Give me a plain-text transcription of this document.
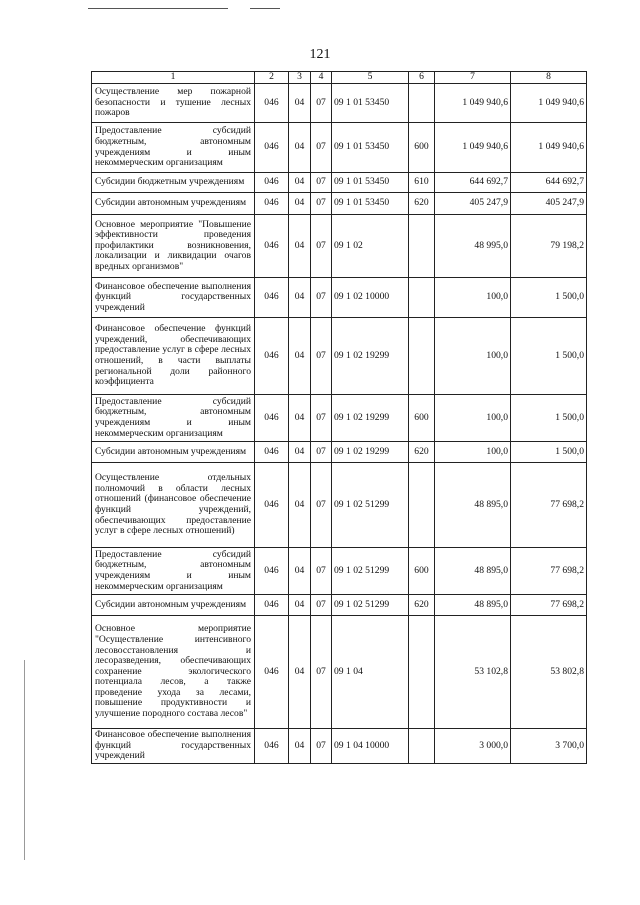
121
1	2	3	4	5	6	7	8
Осуществление мер пожарной безопасности и тушение лесных пожаров	046	04	07	09 1 01 53450		1 049 940,6	1 049 940,6
Предоставление субсидий бюджетным, автономным учреждениям и иным некоммерческим организациям	046	04	07	09 1 01 53450	600	1 049 940,6	1 049 940,6
Субсидии бюджетным учреждениям	046	04	07	09 1 01 53450	610	644 692,7	644 692,7
Субсидии автономным учреждениям	046	04	07	09 1 01 53450	620	405 247,9	405 247,9
Основное мероприятие "Повышение эффективности проведения профилактики возникновения, локализации и ликвидации очагов вредных организмов"	046	04	07	09 1 02		48 995,0	79 198,2
Финансовое обеспечение выполнения функций государственных учреждений	046	04	07	09 1 02 10000		100,0	1 500,0
Финансовое обеспечение функций учреждений, обеспечивающих предоставление услуг в сфере лесных отношений, в части выплаты региональной доли районного коэффициента	046	04	07	09 1 02 19299		100,0	1 500,0
Предоставление субсидий бюджетным, автономным учреждениям и иным некоммерческим организациям	046	04	07	09 1 02 19299	600	100,0	1 500,0
Субсидии автономным учреждениям	046	04	07	09 1 02 19299	620	100,0	1 500,0
Осуществление отдельных полномочий в области лесных отношений (финансовое обеспечение функций учреждений, обеспечивающих предоставление услуг в сфере лесных отношений)	046	04	07	09 1 02 51299		48 895,0	77 698,2
Предоставление субсидий бюджетным, автономным учреждениям и иным некоммерческим организациям	046	04	07	09 1 02 51299	600	48 895,0	77 698,2
Субсидии автономным учреждениям	046	04	07	09 1 02 51299	620	48 895,0	77 698,2
Основное мероприятие "Осуществление интенсивного лесовосстановления и лесоразведения, обеспечивающих сохранение экологического потенциала лесов, а также проведение ухода за лесами, повышение продуктивности и улучшение породного состава лесов"	046	04	07	09 1 04		53 102,8	53 802,8
Финансовое обеспечение выполнения функций государственных учреждений	046	04	07	09 1 04 10000		3 000,0	3 700,0
